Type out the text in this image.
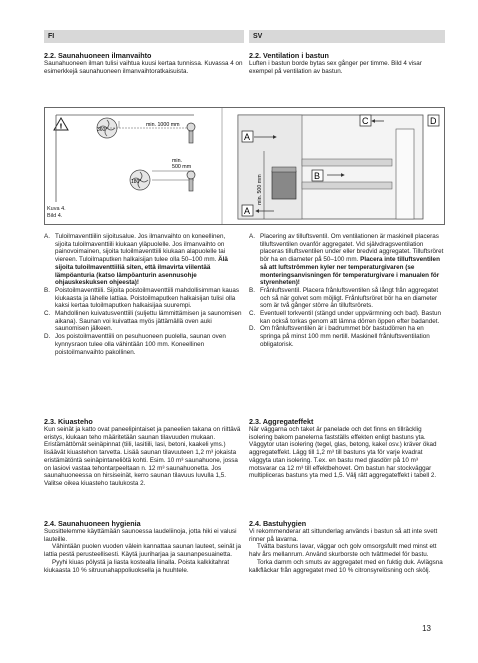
FI	SV
2.2. Saunahuoneen ilmanvaihto

Saunahuoneen ilman tulisi vaihtua kuusi kertaa tunnissa. Kuvassa 4 on esimerkkejä saunahuoneen ilmanvaihtoratkaisuista.

2.2. Ventilation i bastun

Luften i bastun borde bytas sex gånger per timme. Bild 4 visar exempel på ventilation av bastun.

!	360°
min. 1000 mm
180°
min.
500 mm
min. 500 mm
A
A
B
C	D
Kuva 4.
Bild 4.
A. Tuloilmaventtiilin sijoitusalue. Jos ilmanvaihto on koneellinen, sijoita tuloilmaventtiili kiukaan yläpuolelle. Jos ilmanvaihto on painovoimainen, sijoita tuloilmaventtiili kiukaan alapuolelle tai viereen. Tuloilmaputken halkaisijan tulee olla 50–100 mm. Älä sijoita tuloilmaventtiiliä siten, että ilmavirta viilentää lämpöanturia (katso lämpöanturin asennusohje ohjauskeskuksen ohjeesta)!
B. Poistoilmaventtiili. Sijoita poistoilmaventtiili mahdollisimman kauas kiukaasta ja lähelle lattiaa. Poistoilmaputken halkaisijan tulisi olla kaksi kertaa tuloilmaputken halkaisijaa suurempi.
C. Mahdollinen kuivatusventtiili (suljettu lämmittämisen ja saunomisen aikana). Saunan voi kuivattaa myös jättämällä oven auki saunomisen jälkeen.
D. Jos poistoilmaventtiili on pesuhuoneen puolella, saunan oven kynnysraon tulee olla vähintään 100 mm. Koneellinen poistoilmanvaihto pakollinen.
A. Placering av tilluftsventil. Om ventilationen är maskinell placeras tilluftsventilen ovanför aggregatet. Vid självdragsventilation placeras tilluftsventilen under eller bredvid aggregatet. Tilluftsröret bör ha en diameter på 50–100 mm. Placera inte tilluftsventilen så att luftströmmen kyler ner temperaturgivaren (se monteringsanvisningen för temperaturgivare i manualen för styrenheten)!
B. Frånluftsventil. Placera frånluftsventilen så långt från aggregatet och så när golvet som möjligt. Frånluftsröret bör ha en diameter som är två gånger större än tilluftsrörets.
C. Eventuell torkventil (stängd under uppvärmning och bad). Bastun kan också torkas genom att lämna dörren öppen efter badandet.
D. Om frånluftsventilen är i badrummet bör bastudörren ha en springa på minst 100 mm nertill. Maskinell frånluftsventilation obligatorisk.
2.3. Kiuasteho

Kun seinät ja katto ovat paneelipintaiset ja paneelien takana on riittävä eristys, kiukaan teho määritetään saunan tilavuuden mukaan. Eristämättömät seinäpinnat (tiili, lasitiili, lasi, betoni, kaakeli yms.) lisäävät kiuastehon tarvetta. Lisää saunan tilavuuteen 1,2 m³ jokaista eristämätöntä seinäpintaneliötä kohti. Esim. 10 m³ saunahuone, jossa on lasiovi vastaa tehontarpeeltaan n. 12 m³ saunahuonetta. Jos saunahuoneessa on hirsiseinät, kerro saunan tilavuus luvulla 1,5. Valitse oikea kiuasteho taulukosta 2.

2.3. Aggregateffekt

När väggarna och taket är panelade och det finns en tillräcklig isolering bakom panelerna fastställs effekten enligt bastuns yta. Väggytor utan isolering (tegel, glas, betong, kakel osv.) kräver ökad aggregateffekt. Lägg till 1,2 m³ till bastuns yta för varje kvadrat väggyta utan isolering. T.ex. en bastu med glasdörr på 10 m³ motsvarar ca 12 m³ till effektbehovet. Om bastun har stockväggar multipliceras bastuns yta med 1,5. Välj rätt aggregateffekt i tabell 2.

2.4. Saunahuoneen hygienia

Suosittelemme käyttämään saunoessa laudeliinoja, jotta hiki ei valusi lauteille.

Vähintään puolen vuoden välein kannattaa saunan lauteet, seinät ja lattia pestä perusteellisesti. Käytä juuriharjaa ja saunanpesuainetta.

Pyyhi kiuas pölystä ja liasta kostealla liinalla. Poista kalkkitahrat kiukaasta 10 % sitruunahappoliuoksella ja huuhtele.

2.4. Bastuhygien

Vi rekommenderar att sittunderlag används i bastun så att inte svett rinner på lavarna.

Tvätta bastuns lavar, väggar och golv omsorgsfullt med minst ett halv års mellanrum. Använd skurborste och tvättmedel för bastu.

Torka damm och smuts av aggregatet med en fuktig duk. Avlägsna kalkfläckar från aggregatet med 10 % citronsyrelösning och skölj.

13
